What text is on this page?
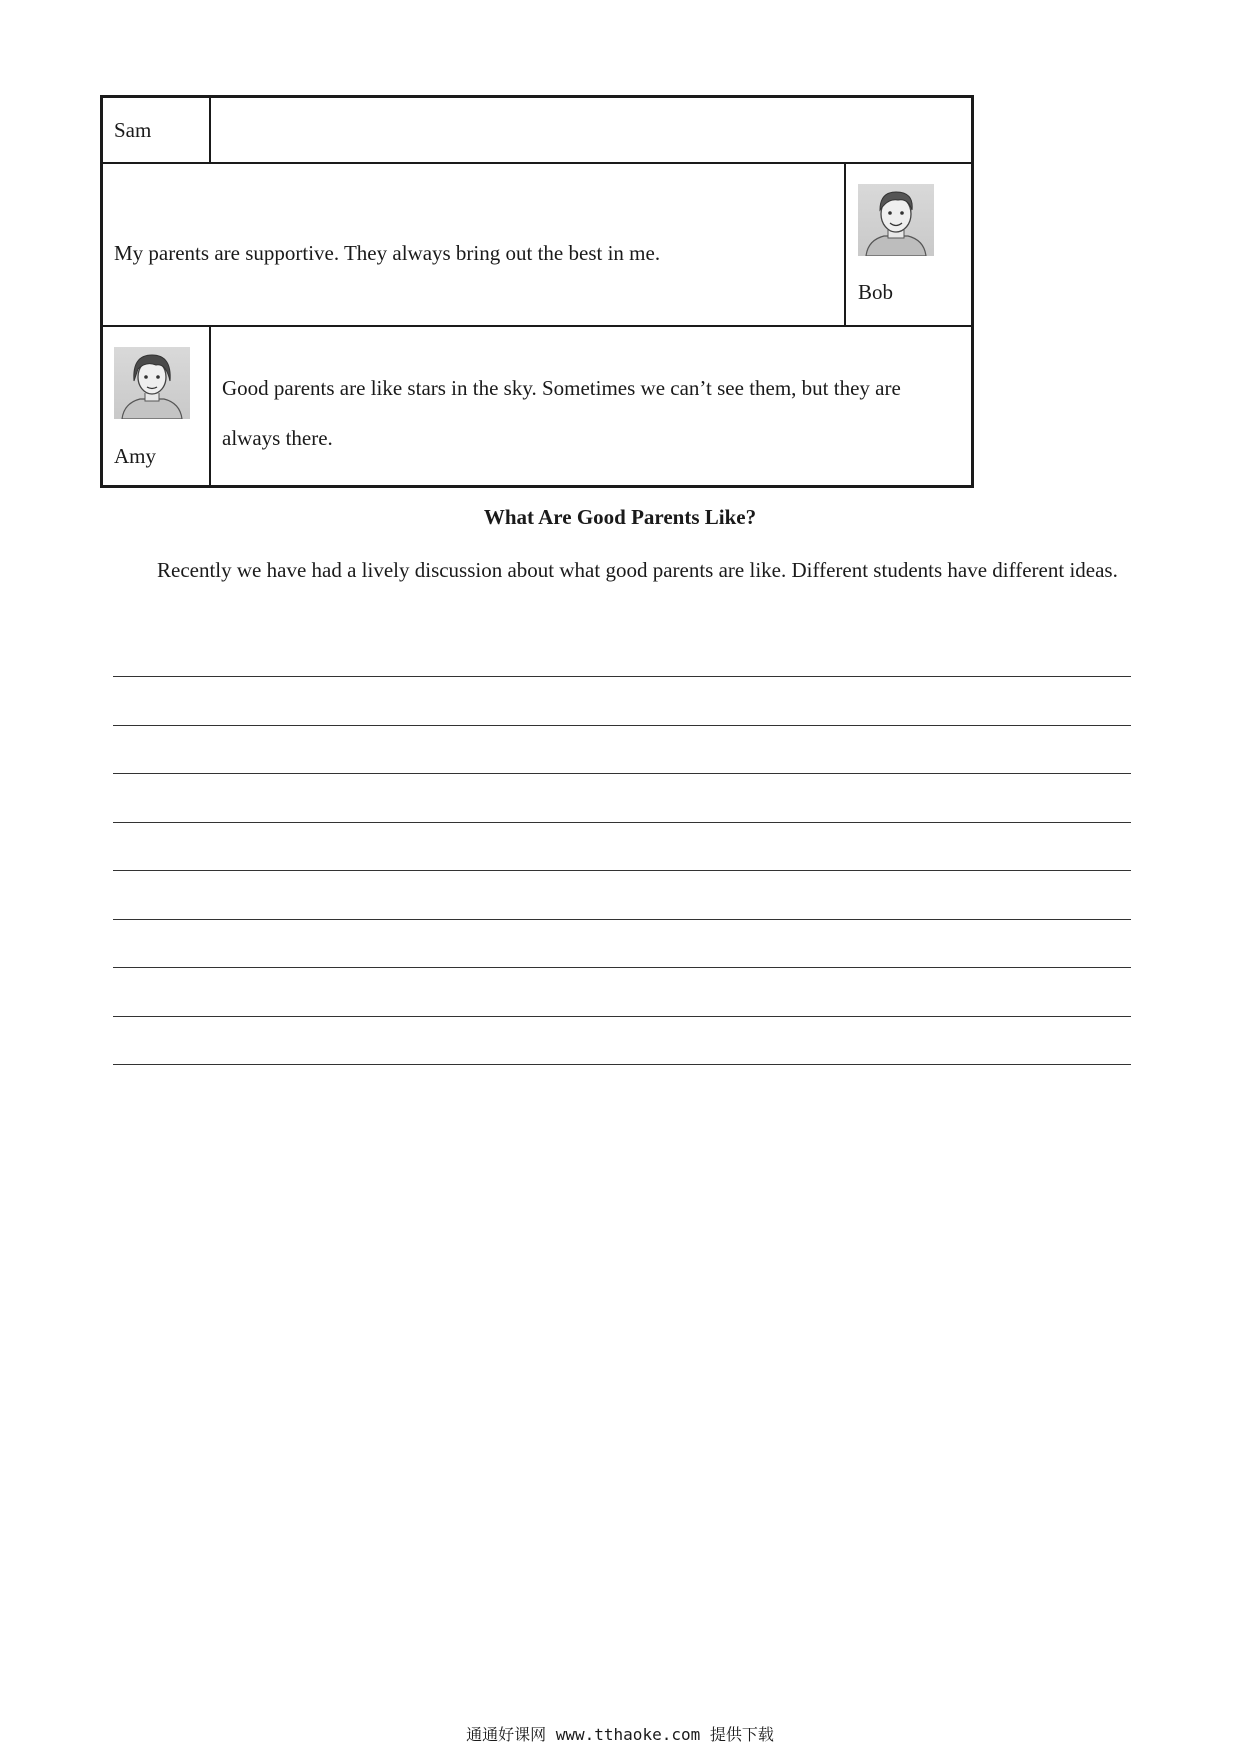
Sam
My parents are supportive. They always bring out the best in me.
Bob
Amy
Good parents are like stars in the sky. Sometimes we can’t see them, but they are always there.
What Are Good Parents Like?
Recently we have had a lively discussion about what good parents are like. Different students have different ideas.
通通好课网 www.tthaoke.com 提供下载
